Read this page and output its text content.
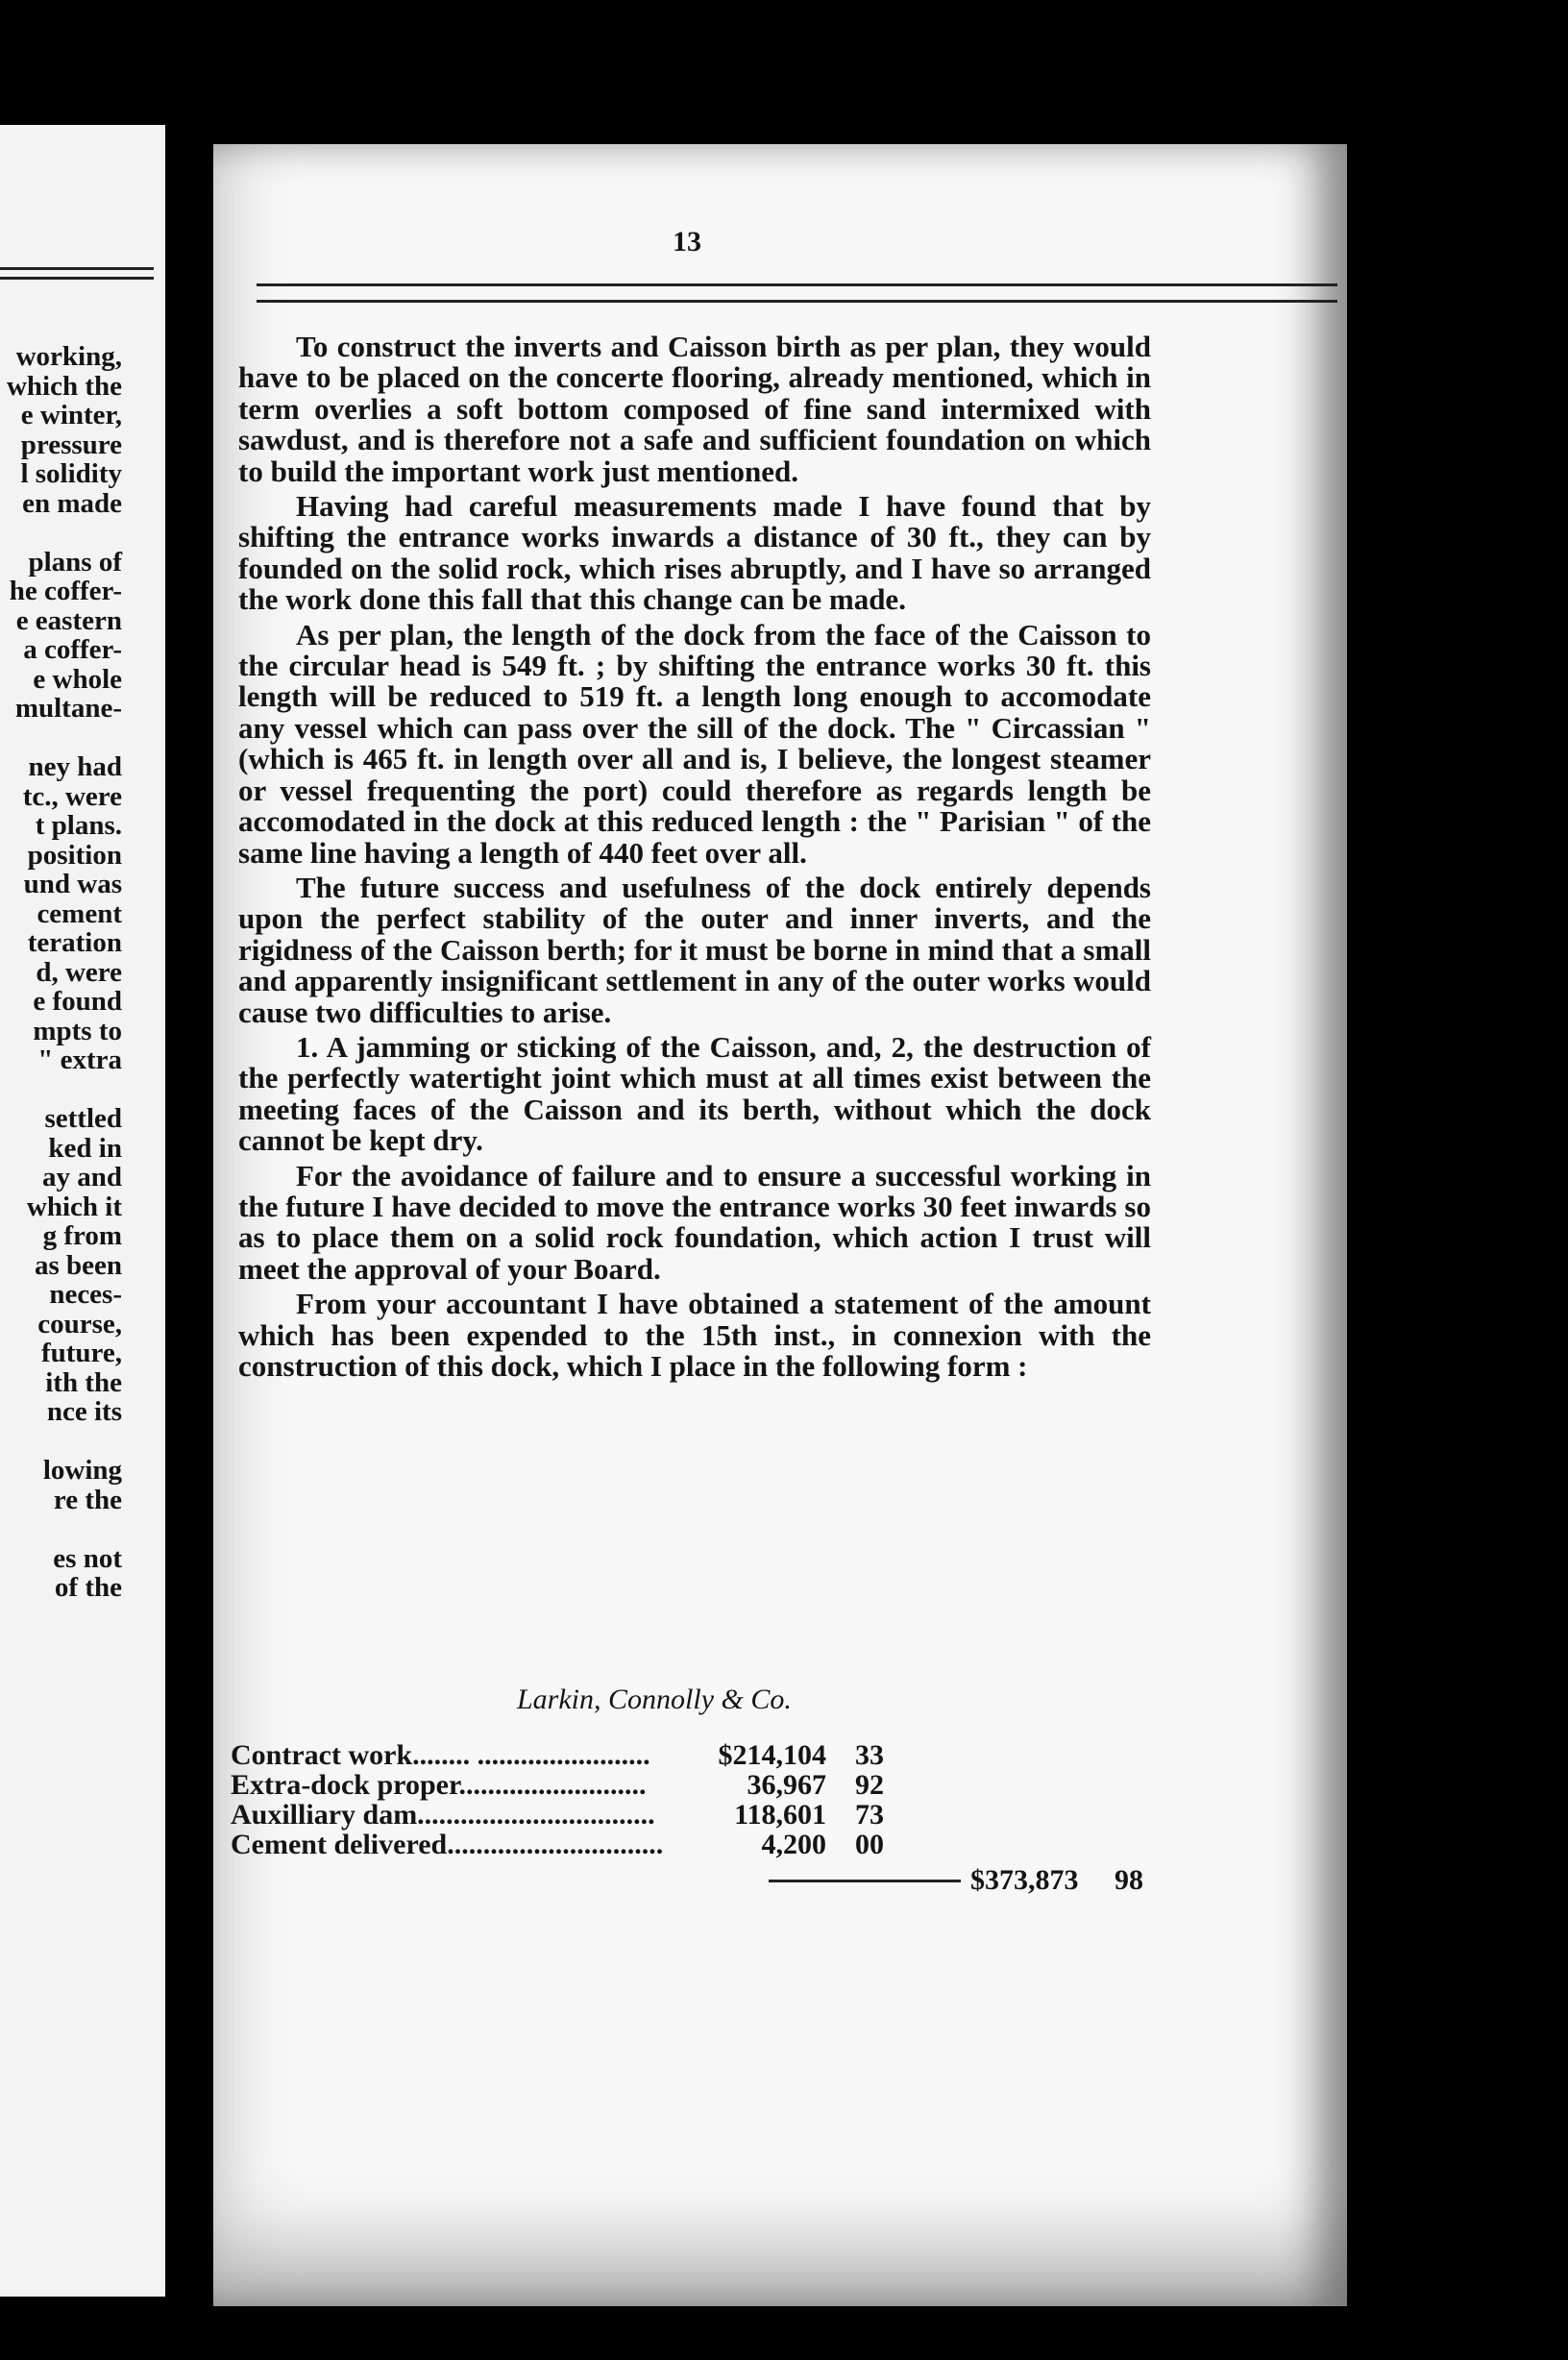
working,
which the
e winter,
pressure
l solidity
en made
plans of
he coffer-
e eastern
a coffer-
e whole
multane-
ney had
tc., were
t plans.
position
und was
cement
teration
d, were
e found
mpts to
" extra
settled
ked in
ay and
which it
g from
as been
neces-
course,
future,
ith the
nce its
lowing
re the
es not
of the
13

To construct the inverts and Caisson birth as per plan, they would have to be placed on the concerte flooring, already mentioned, which in term overlies a soft bottom composed of fine sand intermixed with sawdust, and is therefore not a safe and sufficient foundation on which to build the important work just mentioned.

Having had careful measurements made I have found that by shifting the entrance works inwards a distance of 30 ft., they can by founded on the solid rock, which rises abruptly, and I have so arranged the work done this fall that this change can be made.

As per plan, the length of the dock from the face of the Caisson to the circular head is 549 ft. ; by shifting the entrance works 30 ft. this length will be reduced to 519 ft. a length long enough to accomodate any vessel which can pass over the sill of the dock. The " Circassian " (which is 465 ft. in length over all and is, I believe, the longest steamer or vessel frequenting the port) could therefore as regards length be accomodated in the dock at this reduced length : the " Parisian " of the same line having a length of 440 feet over all.

The future success and usefulness of the dock entirely depends upon the perfect stability of the outer and inner inverts, and the rigidness of the Caisson berth; for it must be borne in mind that a small and apparently insignificant settlement in any of the outer works would cause two difficulties to arise.

1. A jamming or sticking of the Caisson, and, 2, the destruction of the perfectly watertight joint which must at all times exist between the meeting faces of the Caisson and its berth, without which the dock cannot be kept dry.

For the avoidance of failure and to ensure a successful working in the future I have decided to move the entrance works 30 feet inwards so as to place them on a solid rock foundation, which action I trust will meet the approval of your Board.

From your accountant I have obtained a statement of the amount which has been expended to the 15th inst., in connexion with the construction of this dock, which I place in the following form :

Larkin, Connolly & Co.
Contract work........ ........................ $214,104 33
Extra-dock proper..........................	36,967 92
Auxilliary dam.................................	118,601 73
Cement delivered..............................	4,200 00
$373,873 98
